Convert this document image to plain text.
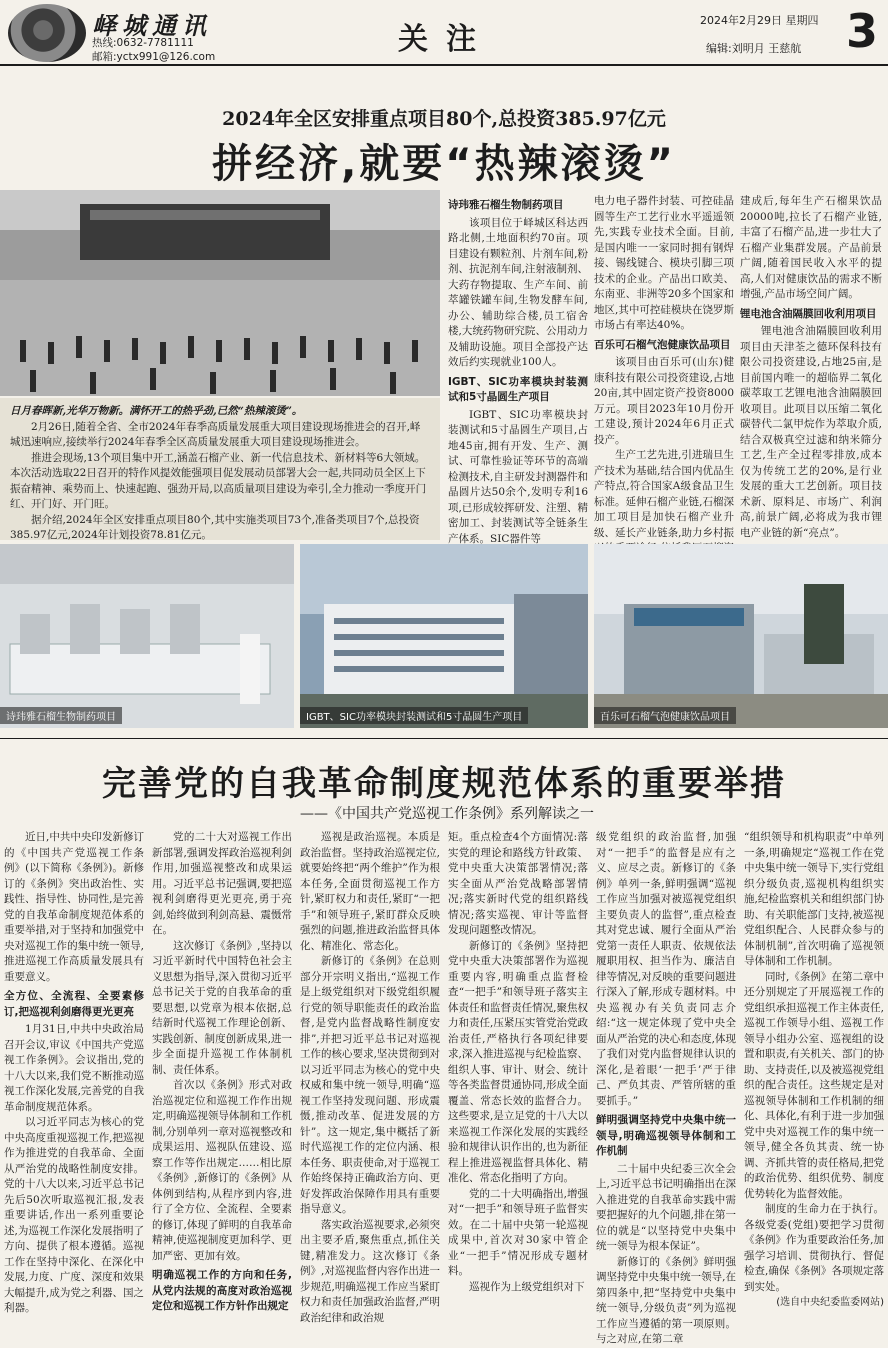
峄城通讯
热线:0632-7781111
邮箱:yctx991@126.com	关注
2024年2月29日 星期四
编辑:刘明月 王慈航 3
2024年全区安排重点项目80个,总投资385.97亿元
拼经济,就要“热辣滚烫”
日月春晖新,光华万物新。满怀开工的热乎劲,已然“热辣滚烫”。

2月26日,随着全省、全市2024年春季高质量发展重大项目建设现场推进会的召开,峄城迅速响应,接续举行2024年春季全区高质量发展重大项目建设现场推进会。

推进会现场,13个项目集中开工,涵盖石榴产业、新一代信息技术、新材料等6大领域。本次活动选取22日召开的特作风提效能强项目促发展动员部署大会一起,共同动员全区上下振奋精神、乘势而上、快速起跑、强劲开局,以高质量项目建设为牵引,全力推动一季度开门红、开门好、开门旺。

据介绍,2024年全区安排重点项目80个,其中实施类项目73个,准备类项目7个,总投资385.97亿元,2024年计划投资78.81亿元。

诗玮雅石榴生物制药项目

该项目位于峄城区科达西路北侧,土地面积约70亩。项目建设有颗粒剂、片剂车间,粉剂、抗泥剂车间,注射液制剂、大药存物提取、生产车间、前萃罐铁罐车间,生物发酵车间,办公、辅助综合楼,员工宿舍楼,大统药物研究院、公用动力及辅助设施。项目全部投产达效后约实现就业100人。

IGBT、SIC功率模块封装测试和5寸晶圆生产项目

IGBT、SIC功率模块封装测试和5寸晶圆生产项目,占地45亩,拥有开发、生产、测试、可靠性验证等环节的高端检测技术,自主研发封测器件和晶圆片达50余个,发明专利16项,已形成较挥研发、注塑、精密加工、封装测试等全链条生产体系。SIC器件等

电力电子器件封装、可控硅晶圆等生产工艺行业水平遥遥领先,实践专业技术全面。目前,是国内唯一一家同时拥有钢焊接、锡线键合、模块引脚三项技术的企业。产品出口欧美、东南亚、非洲等20多个国家和地区,其中可控硅模块在饶罗斯市场占有率达40%。

百乐可石榴气泡健康饮品项目

该项目由百乐可(山东)健康科技有限公司投资建设,占地20亩,其中固定资产投资8000万元。项目2023年10月份开工建设,预计2024年6月正式投产。

生产工艺先进,引进瑞旦生产技术为基础,结合国内优品生产特点,符合国家A级食品卫生标准。延伸石榴产业链,石榴深加工项目是加快石榴产业升级、延长产业链条,助力乡村振

建成后,每年生产石榴果饮品20000吨,拉长了石榴产业链,丰富了石榴产品,进一步壮大了石榴产业集群发展。产品前景广阔,随着国民收入水平的提高,人们对健康饮品的需求不断增强,产品市场空间广阔。

锂电池含油隔膜回收利用项目

锂电池含油隔膜回收利用项目由天津荃之德环保科技有限公司投资建设,占地25亩,是目前国内唯一的超临界二氧化碳萃取工艺锂电池含油隔膜回收项目。此项目以压缩二氧化碳替代二氯甲烷作为萃取介质,结合双极真空过滤和纳米筛分工艺,生产全过程零排放,成本仅为传统工艺的20%,是行业发展的重大工艺创新。项目技术新、原料足、市场广、利润高,前景广阔,必将成为我市锂电产业链的新“亮点”。

诗玮雅石榴生物制药项目	IGBT、SIC功率模块封装测试和5寸晶圆生产项目	百乐可石榴气泡健康饮品项目
完善党的自我革命制度规范体系的重要举措
——《中国共产党巡视工作条例》系列解读之一

近日,中共中央印发新修订的《中国共产党巡视工作条例》(以下简称《条例》)。新修订的《条例》突出政治性、实践性、指导性、协同性,是完善党的自我革命制度规范体系的重要举措,对于坚持和加强党中央对巡视工作的集中统一领导,推进巡视工作高质量发展具有重要意义。

全方位、全流程、全要素修订,把巡视利剑磨得更光更亮

1月31日,中共中央政治局召开会议,审议《中国共产党巡视工作条例》。会议指出,党的十八大以来,我们党不断推动巡视工作深化发展,完善党的自我革命制度规范体系。

以习近平同志为核心的党中央高度重视巡视工作,把巡视作为推进党的自我革命、全面从严治党的战略性制度安排。党的十八大以来,习近平总书记先后50次听取巡视汇报,发表重要讲话,作出一系列重要论述,为巡视工作深化发展指明了方向、提供了根本遵循。巡视工作在坚持中深化、在深化中发展,力度、广度、深度和效果大幅提升,成为党之利器、国之利器。

党的二十大对巡视工作出新部署,强调发挥政治巡视利剑作用,加强巡视整改和成果运用。习近平总书记强调,要把巡视利剑磨得更光更亮,勇于亮剑,始终做到利剑高悬、震慑常在。

这次修订《条例》,坚持以习近平新时代中国特色社会主义思想为指导,深入贯彻习近平总书记关于党的自我革命的重要思想,以党章为根本依据,总结新时代巡视工作理论创新、实践创新、制度创新成果,进一步全面提升巡视工作体制机制、责任体系。

首次以《条例》形式对政治巡视定位和巡视工作作出规定,明确巡视领导体制和工作机制,分别单列一章对巡视整改和成果运用、巡视队伍建设、巡察工作等作出规定……相比原《条例》,新修订的《条例》从体例到结构,从程序到内容,进行了全方位、全流程、全要素的修订,体现了鲜明的自我革命精神,使巡视制度更加科学、更加严密、更加有效。

明确巡视工作的方向和任务,从党内法规的高度对政治巡视定位和巡视工作方针作出规定

巡视是政治巡视。本质是政治监督。坚持政治巡视定位,就要始终把“两个维护”作为根本任务,全面贯彻巡视工作方针,紧盯权力和责任,紧盯“一把手”和领导班子,紧盯群众反映强烈的问题,推进政治监督具体化、精准化、常态化。

新修订的《条例》在总则部分开宗明义指出,“巡视工作是上级党组织对下级党组织履行党的领导职能责任的政治监督,是党内监督战略性制度安排”,并把习近平总书记对巡视工作的核心要求,坚决贯彻到对以习近平同志为核心的党中央权威和集中统一领导,明确“巡视工作坚持发现问题、形成震慑,推动改革、促进发展的方针”。这一规定,集中概括了新时代巡视工作的定位内涵、根本任务、职责使命,对于巡视工作始终保持正确政治方向、更好发挥政治保障作用具有重要指导意义。

落实政治巡视要求,必须突出主要矛盾,聚焦重点,抓住关键,精准发力。这次修订《条例》,对巡视监督内容作出进一步规范,明确巡视工作应当紧盯权力和责任加强政治监督,严明政治纪律和政治规

矩。重点检查4个方面情况:落实党的理论和路线方针政策、党中央重大决策部署情况;落实全面从严治党战略部署情况;落实新时代党的组织路线情况;落实巡视、审计等监督发现问题整改情况。

新修订的《条例》坚持把党中央重大决策部署作为巡视重要内容,明确重点监督检查“一把手”和领导班子落实主体责任和监督责任情况,聚焦权力和责任,压紧压实管党治党政治责任,严格执行各项纪律要求,深入推进巡视与纪检监察、组织人事、审计、财会、统计等各类监督贯通协同,形成全面覆盖、常态长效的监督合力。这些要求,是立足党的十八大以来巡视工作深化发展的实践经验和规律认识作出的,也为新征程上推进巡视监督具体化、精准化、常态化指明了方向。

党的二十大明确指出,增强对“一把手”和领导班子监督实效。在二十届中央第一轮巡视成果中,首次对30家中管企业“一把手”情况形成专题材料。

巡视作为上级党组织对下

级党组织的政治监督,加强对“一把手”的监督是应有之义、应尽之责。新修订的《条例》单列一条,鲜明强调“巡视工作应当加强对被巡视党组织主要负责人的监督”,重点检查其对党忠诚、履行全面从严治党第一责任人职责、依规依法履职用权、担当作为、廉洁自律等情况,对反映的重要问题进行深入了解,形成专题材料。中央巡视办有关负责同志介绍:“这一规定体现了党中央全面从严治党的决心和态度,体现了我们对党内监督规律认识的深化,是着眼‘一把手’严于律己、严负其责、严管所辖的重要抓手。”

鲜明强调坚持党中央集中统一领导,明确巡视领导体制和工作机制

二十届中央纪委三次全会上,习近平总书记明确指出在深入推进党的自我革命实践中需要把握好的九个问题,排在第一位的就是“以坚持党中央集中统一领导为根本保证”。

新修订的《条例》鲜明强调坚持党中央集中统一领导,在第四条中,把“坚持党中央集中统一领导,分级负责”列为巡视工作应当遵循的第一项原则。与之对应,在第二章

“组织领导和机构职责”中单列一条,明确规定“巡视工作在党中央集中统一领导下,实行党组织分级负责,巡视机构组织实施,纪检监察机关和组织部门协助、有关职能部门支持,被巡视党组织配合、人民群众参与的体制机制”,首次明确了巡视领导体制和工作机制。

同时,《条例》在第二章中还分别规定了开展巡视工作的党组织承担巡视工作主体责任,巡视工作领导小组、巡视工作领导小组办公室、巡视组的设置和职责,有关机关、部门的协助、支持责任,以及被巡视党组织的配合责任。这些规定是对巡视领导体制和工作机制的细化、具体化,有利于进一步加强党中央对巡视工作的集中统一领导,健全各负其责、统一协调、齐抓共管的责任格局,把党的政治优势、组织优势、制度优势转化为监督效能。

制度的生命力在于执行。各级党委(党组)要把学习贯彻《条例》作为重要政治任务,加强学习培训、贯彻执行、督促检查,确保《条例》各项规定落到实处。

(选自中央纪委监委网站)
